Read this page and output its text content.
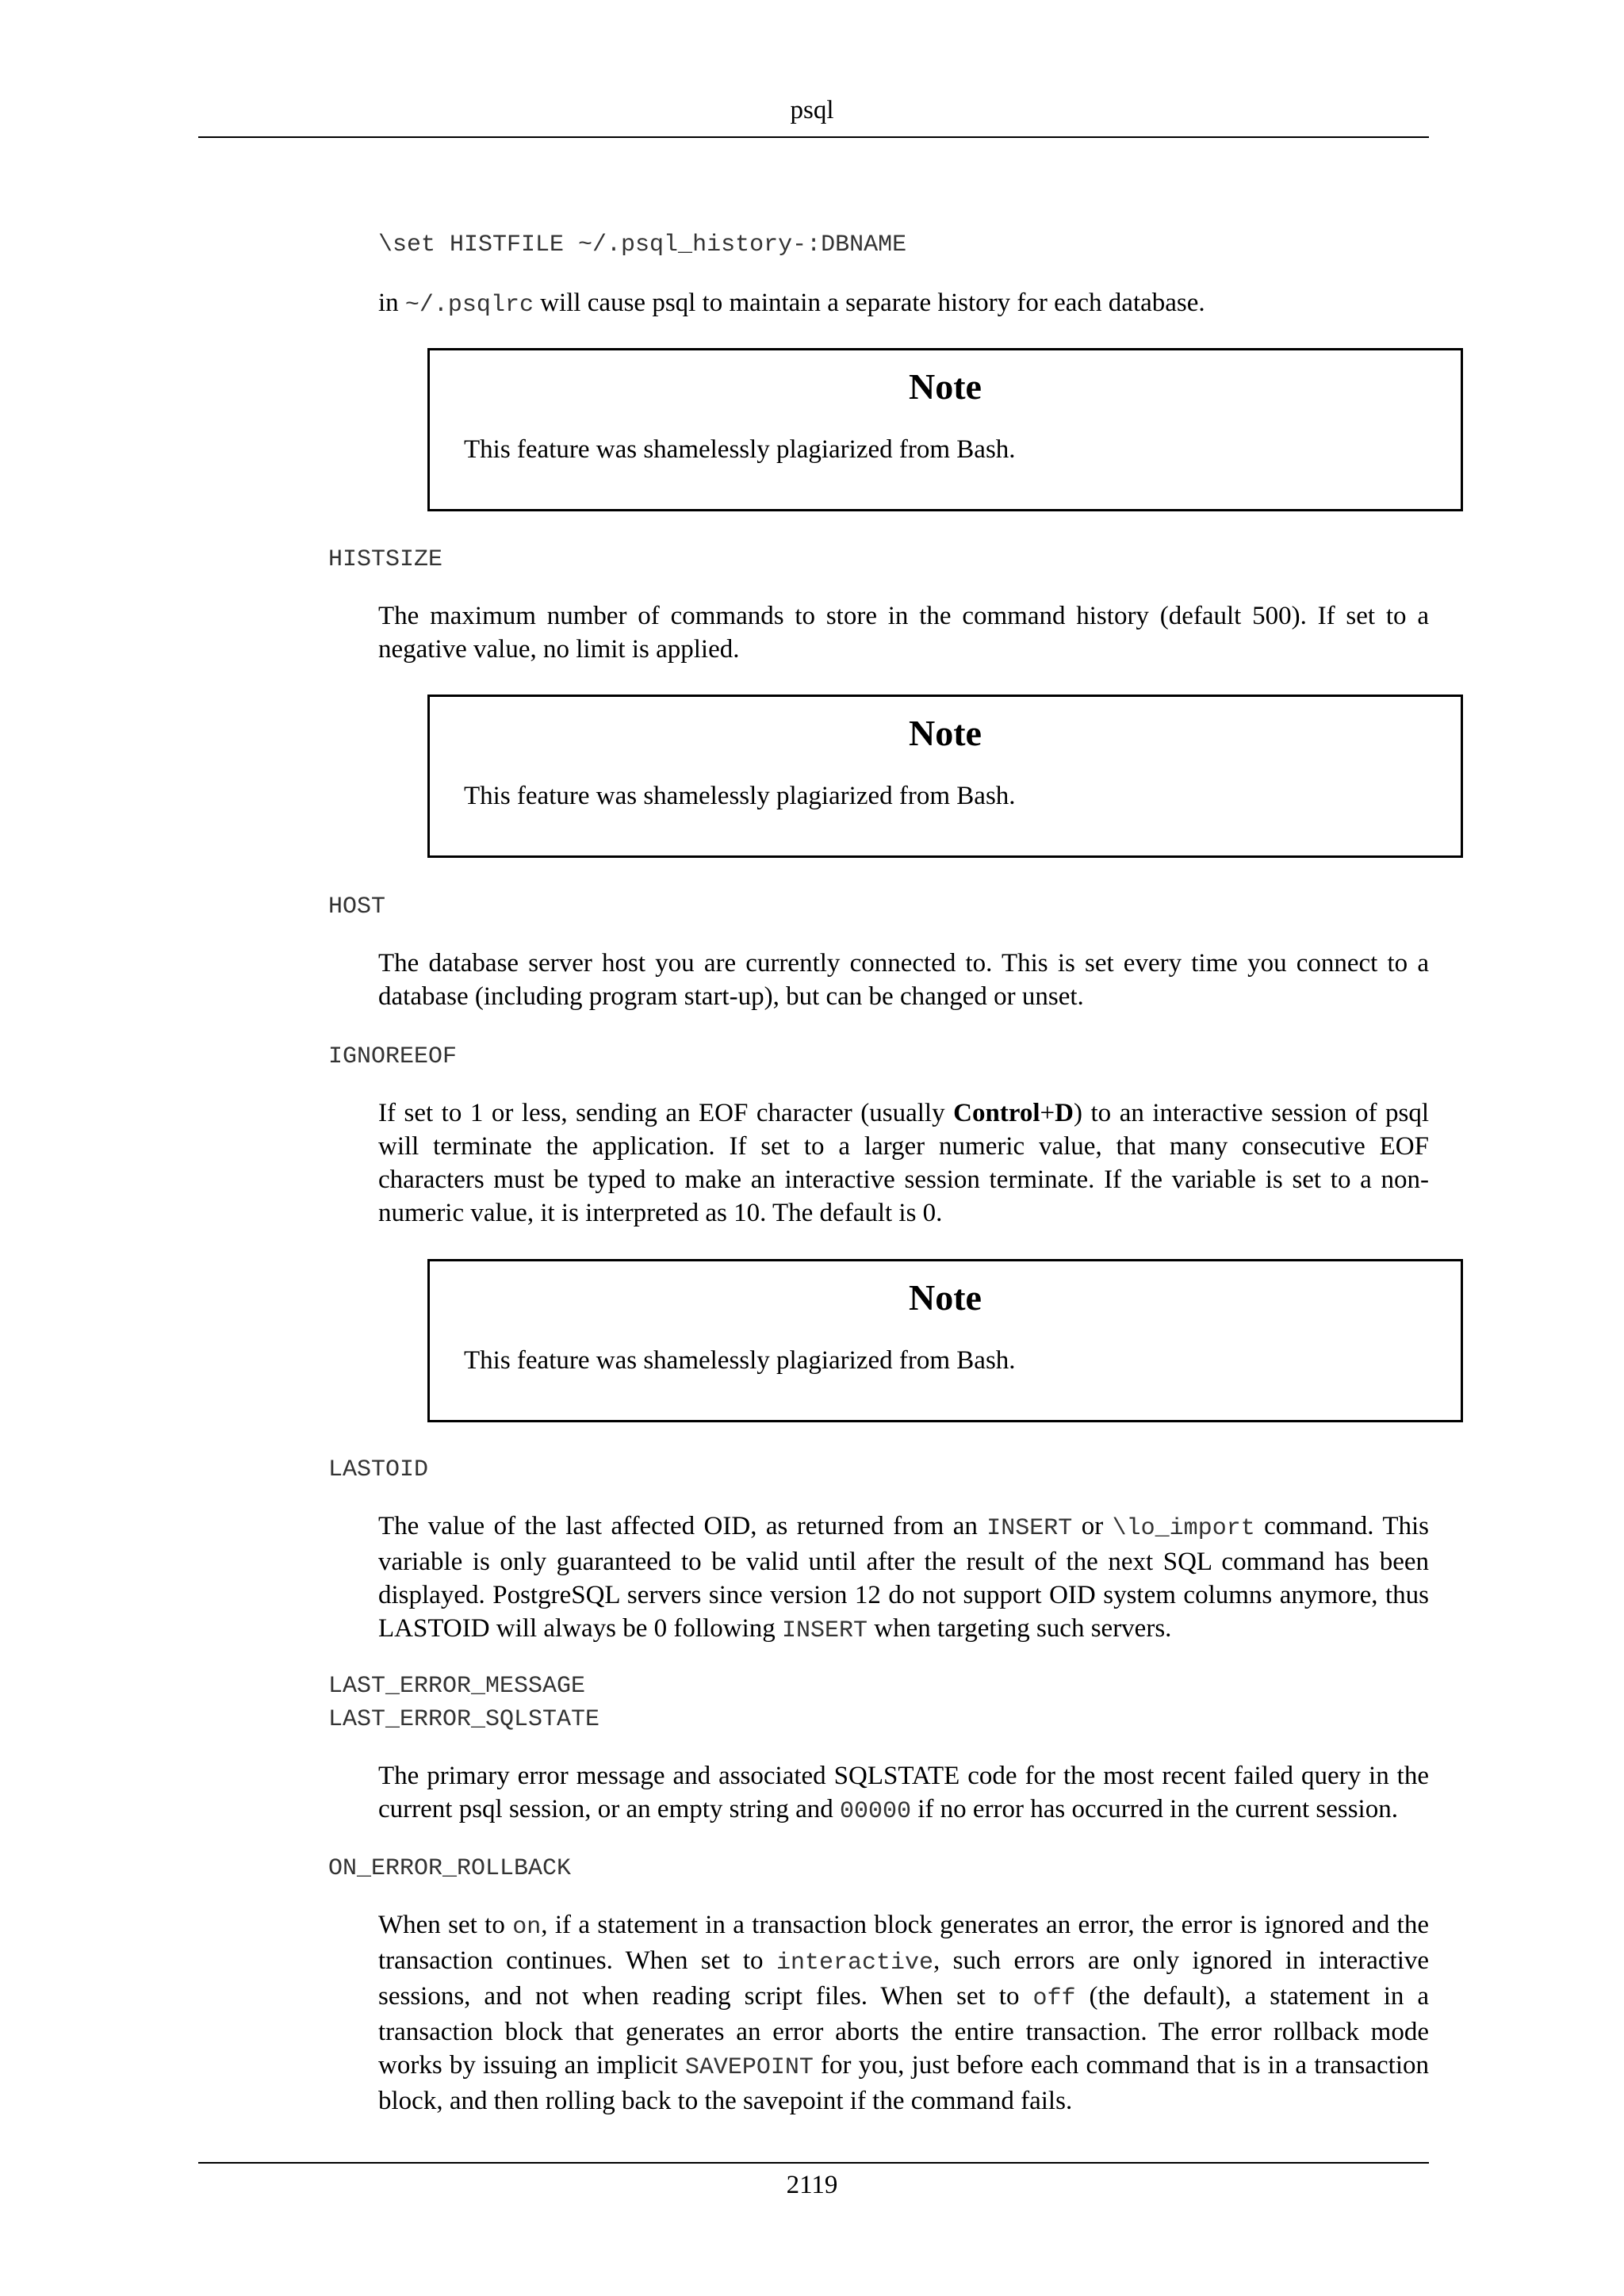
psql
\set HISTFILE ~/.psql_history-:DBNAME
in ~/.psqlrc will cause psql to maintain a separate history for each database.
Note
This feature was shamelessly plagiarized from Bash.
HISTSIZE
The maximum number of commands to store in the command history (default 500). If set to a negative value, no limit is applied.
Note
This feature was shamelessly plagiarized from Bash.
HOST
The database server host you are currently connected to. This is set every time you connect to a database (including program start-up), but can be changed or unset.
IGNOREEOF
If set to 1 or less, sending an EOF character (usually Control+D) to an interactive session of psql will terminate the application. If set to a larger numeric value, that many consecutive EOF characters must be typed to make an interactive session terminate. If the variable is set to a non-numeric value, it is interpreted as 10. The default is 0.
Note
This feature was shamelessly plagiarized from Bash.
LASTOID
The value of the last affected OID, as returned from an INSERT or \lo_import command. This variable is only guaranteed to be valid until after the result of the next SQL command has been displayed. PostgreSQL servers since version 12 do not support OID system columns anymore, thus LASTOID will always be 0 following INSERT when targeting such servers.
LAST_ERROR_MESSAGE
LAST_ERROR_SQLSTATE
The primary error message and associated SQLSTATE code for the most recent failed query in the current psql session, or an empty string and 00000 if no error has occurred in the current session.
ON_ERROR_ROLLBACK
When set to on, if a statement in a transaction block generates an error, the error is ignored and the transaction continues. When set to interactive, such errors are only ignored in interactive sessions, and not when reading script files. When set to off (the default), a statement in a transaction block that generates an error aborts the entire transaction. The error rollback mode works by issuing an implicit SAVEPOINT for you, just before each command that is in a transaction block, and then rolling back to the savepoint if the command fails.
2119
